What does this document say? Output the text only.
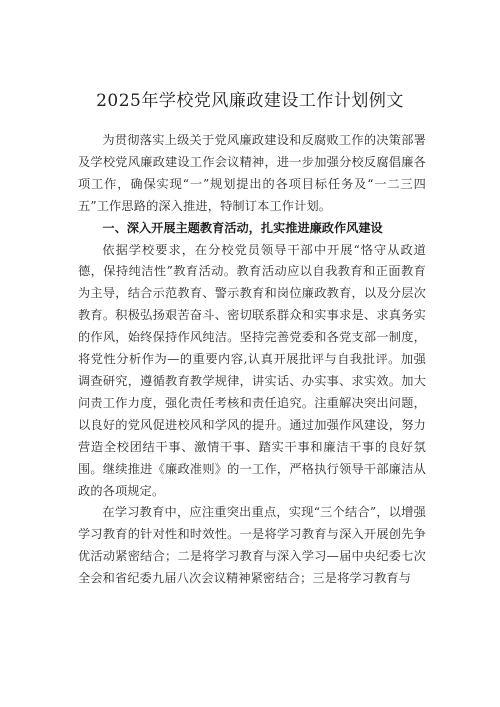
2025年学校党风廉政建设工作计划例文

为贯彻落实上级关于党风廉政建设和反腐败工作的决策部署及学校党风廉政建设工作会议精神，进一步加强分校反腐倡廉各项工作，确保实现“一”规划提出的各项目标任务及“一二三四五”工作思路的深入推进，特制订本工作计划。

一、深入开展主题教育活动，扎实推进廉政作风建设

依据学校要求，在分校党员领导干部中开展“恪守从政道德，保持纯洁性”教育活动。教育活动应以自我教育和正面教育为主导，结合示范教育、警示教育和岗位廉政教育，以及分层次教育。积极弘扬艰苦奋斗、密切联系群众和实事求是、求真务实的作风，始终保持作风纯洁。坚持完善党委和各党支部一制度，将党性分析作为—的重要内容,认真开展批评与自我批评。加强调查研究，遵循教育教学规律，讲实话、办实事、求实效。加大问责工作力度，强化责任考核和责任追究。注重解决突出问题，以良好的党风促进校风和学风的提升。通过加强作风建设，努力营造全校团结干事、激情干事、踏实干事和廉洁干事的良好氛围。继续推进《廉政准则》的一工作，严格执行领导干部廉洁从政的各项规定。

在学习教育中，应注重突出重点，实现“三个结合”，以增强学习教育的针对性和时效性。一是将学习教育与深入开展创先争优活动紧密结合；二是将学习教育与深入学习—届中央纪委七次全会和省纪委九届八次会议精神紧密结合；三是将学习教育与
